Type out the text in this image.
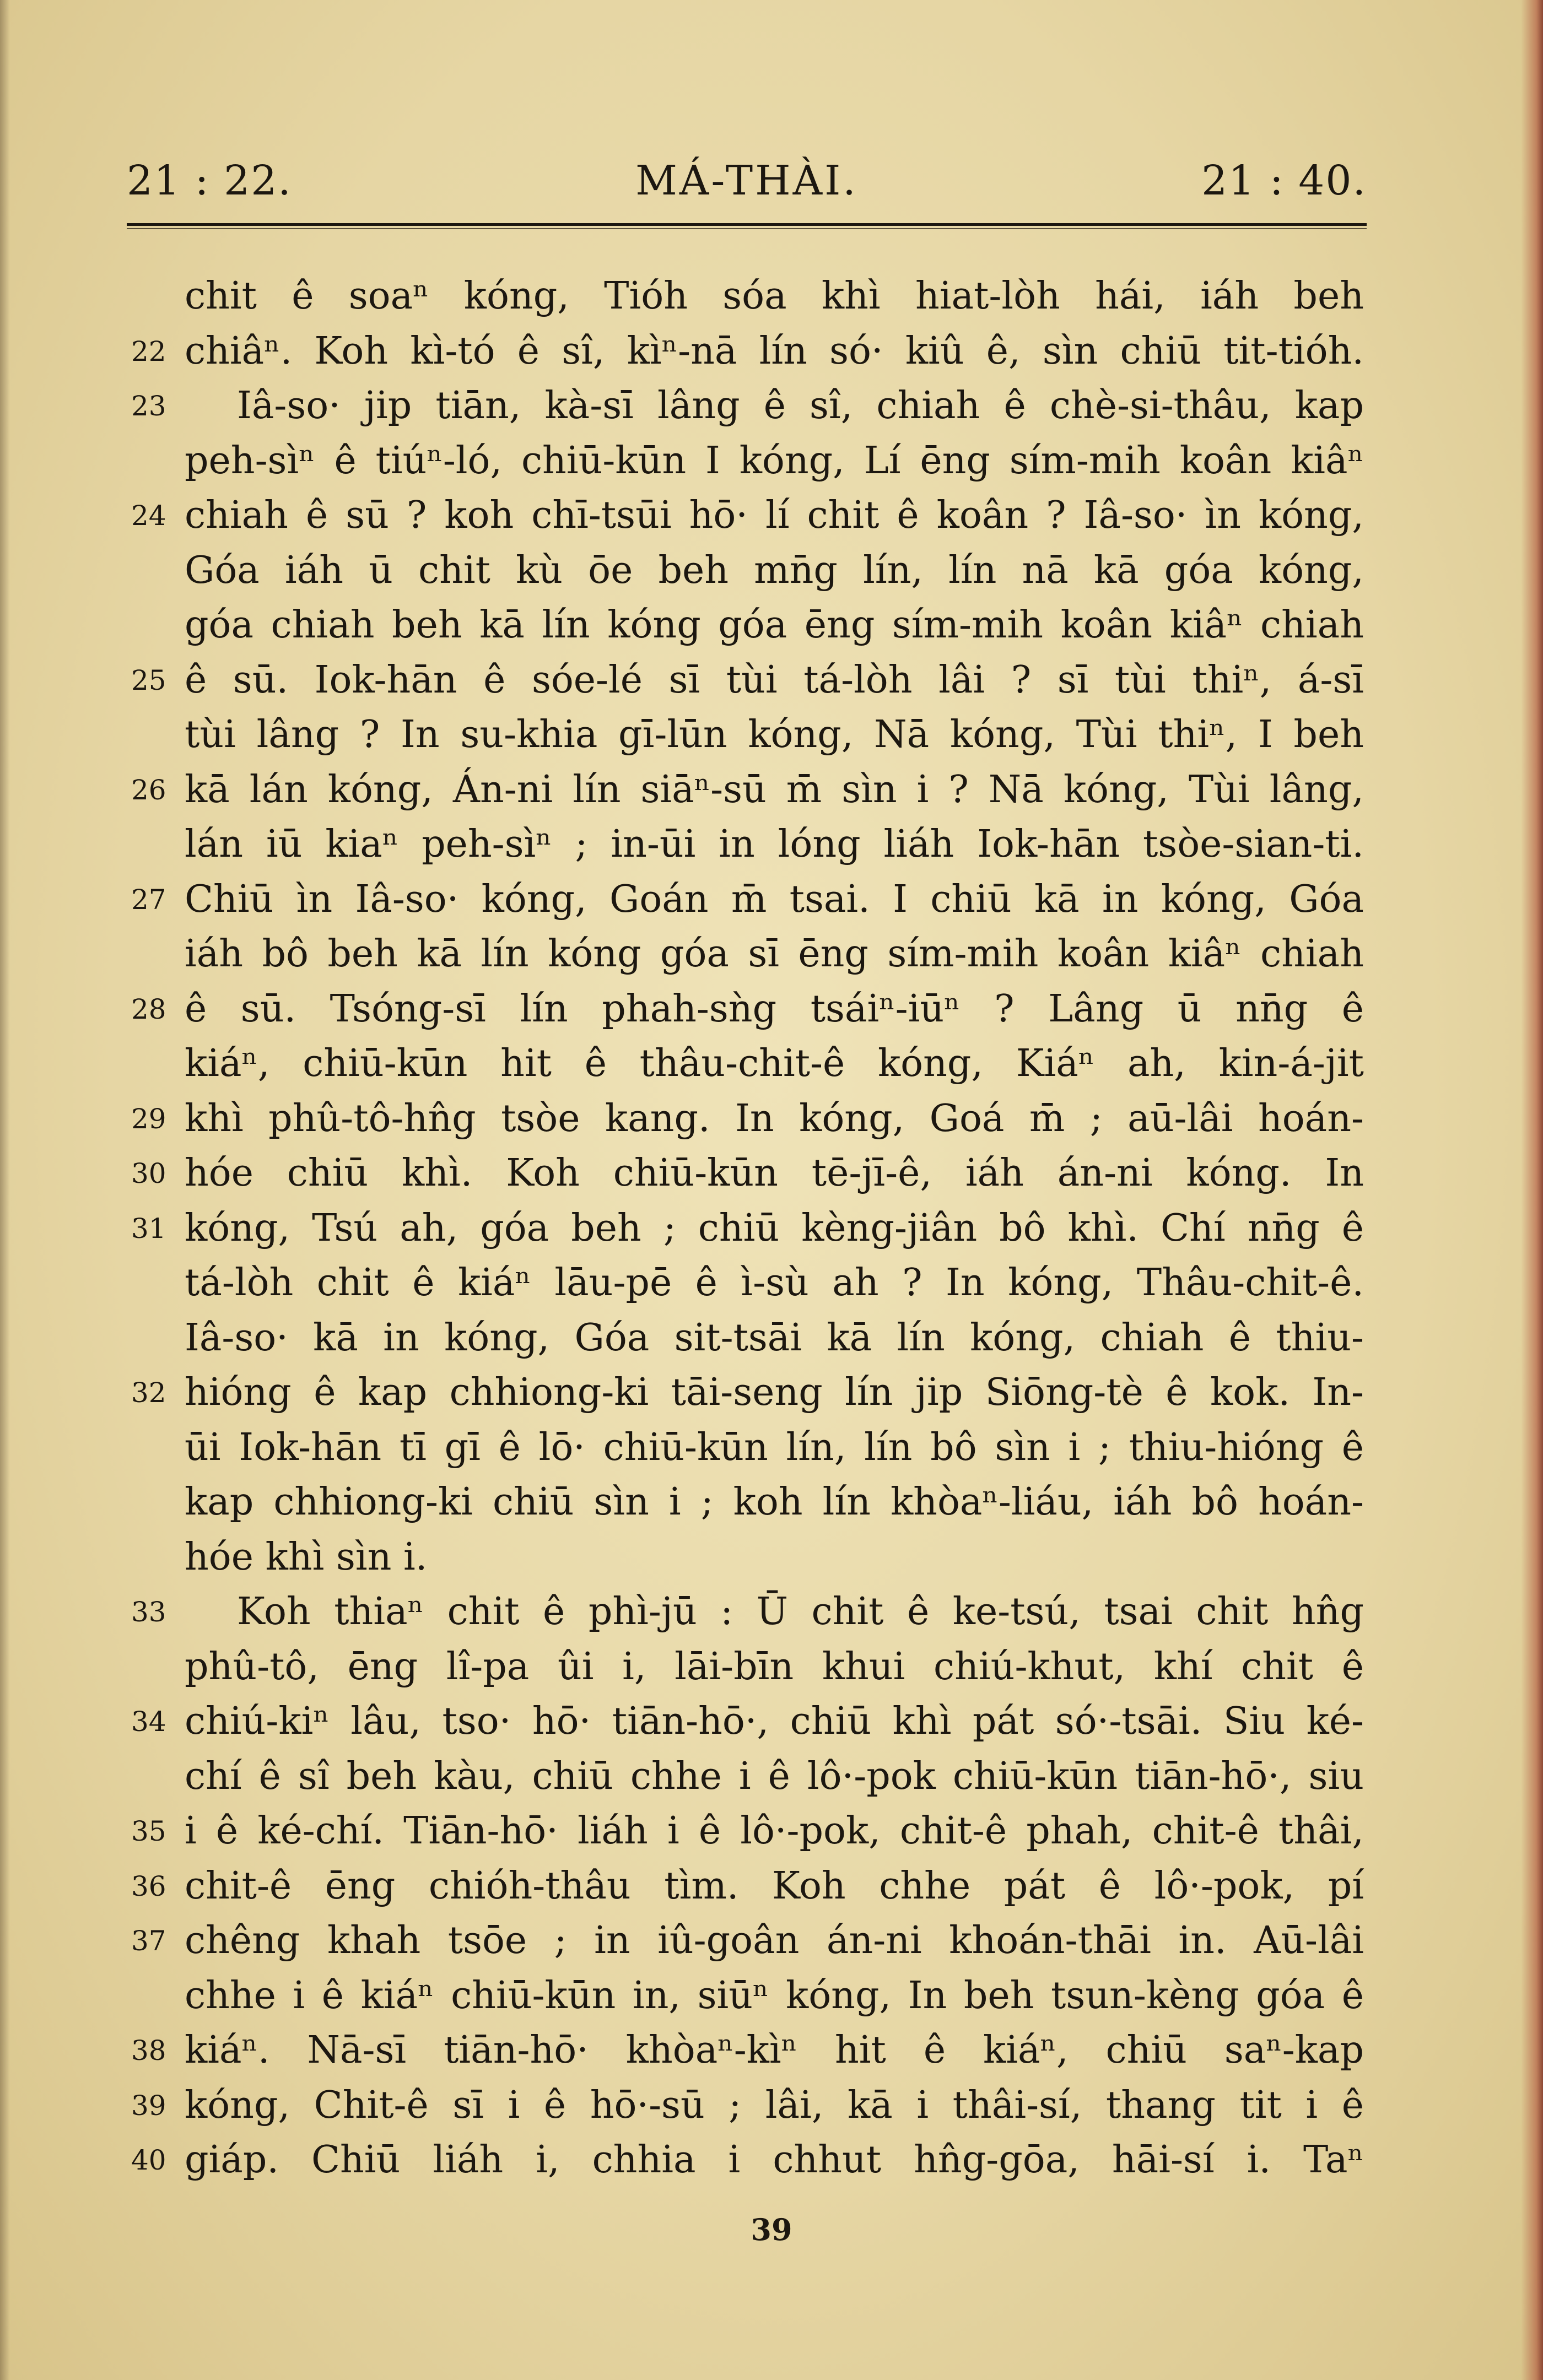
21 : 22.	MÁ-THÀI.	21 : 40.
chit ê soaⁿ kóng, Tióh sóa khì hiat-lòh hái, iáh beh
22 chiâⁿ. Koh kì-tó ê sî, kìⁿ-nā lín só· kiû ê, sìn chiū tit-tióh.
23	Iâ-so· jip tiān, kà-sī lâng ê sî, chiah ê chè-si-thâu, kap
peh-sìⁿ ê tiúⁿ-ló, chiū-kūn I kóng, Lí ēng sím-mih koân kiâⁿ
24 chiah ê sū ? koh chī-tsūi hō· lí chit ê koân ? Iâ-so· ìn kóng,
Góa iáh ū chit kù ōe beh mn̄g lín, lín nā kā góa kóng,
góa chiah beh kā lín kóng góa ēng sím-mih koân kiâⁿ chiah
25 ê sū. Iok-hān ê sóe-lé sī tùi tá-lòh lâi ? sī tùi thiⁿ, á-sī
tùi lâng ? In su-khia gī-lūn kóng, Nā kóng, Tùi thiⁿ, I beh
26 kā lán kóng, Án-ni lín siāⁿ-sū m̄ sìn i ? Nā kóng, Tùi lâng,
lán iū kiaⁿ peh-sìⁿ ; in-ūi in lóng liáh Iok-hān tsòe-sian-ti.
27 Chiū ìn Iâ-so· kóng, Goán m̄ tsai. I chiū kā in kóng, Góa
iáh bô beh kā lín kóng góa sī ēng sím-mih koân kiâⁿ chiah
28 ê sū. Tsóng-sī lín phah-sǹg tsáiⁿ-iūⁿ ? Lâng ū nn̄g ê
kiáⁿ, chiū-kūn hit ê thâu-chit-ê kóng, Kiáⁿ ah, kin-á-jit
29 khì phû-tô-hn̂g tsòe kang. In kóng, Goá m̄ ; aū-lâi hoán-
30 hóe chiū khì. Koh chiū-kūn tē-jī-ê, iáh án-ni kóng. In
31 kóng, Tsú ah, góa beh ; chiū kèng-jiân bô khì. Chí nn̄g ê
tá-lòh chit ê kiáⁿ lāu-pē ê ì-sù ah ? In kóng, Thâu-chit-ê.
Iâ-so· kā in kóng, Góa sit-tsāi kā lín kóng, chiah ê thiu-
32 hióng ê kap chhiong-ki tāi-seng lín jip Siōng-tè ê kok. In-
ūi Iok-hān tī gī ê lō· chiū-kūn lín, lín bô sìn i ; thiu-hióng ê
kap chhiong-ki chiū sìn i ; koh lín khòaⁿ-liáu, iáh bô hoán-
hóe khì sìn i.
33	Koh thiaⁿ chit ê phì-jū : Ū chit ê ke-tsú, tsai chit hn̂g
phû-tô, ēng lî-pa ûi i, lāi-bīn khui chiú-khut, khí chit ê
34 chiú-kiⁿ lâu, tso· hō· tiān-hō·, chiū khì pát só·-tsāi. Siu ké-
chí ê sî beh kàu, chiū chhe i ê lô·-pok chiū-kūn tiān-hō·, siu
35 i ê ké-chí. Tiān-hō· liáh i ê lô·-pok, chit-ê phah, chit-ê thâi,
36 chit-ê ēng chióh-thâu tìm. Koh chhe pát ê lô·-pok, pí
37 chêng khah tsōe ; in iû-goân án-ni khoán-thāi in. Aū-lâi
chhe i ê kiáⁿ chiū-kūn in, siūⁿ kóng, In beh tsun-kèng góa ê
38 kiáⁿ. Nā-sī tiān-hō· khòaⁿ-kìⁿ hit ê kiáⁿ, chiū saⁿ-kap
39 kóng, Chit-ê sī i ê hō·-sū ; lâi, kā i thâi-sí, thang tit i ê
40 giáp. Chiū liáh i, chhia i chhut hn̂g-gōa, hāi-sí i. Taⁿ
39
